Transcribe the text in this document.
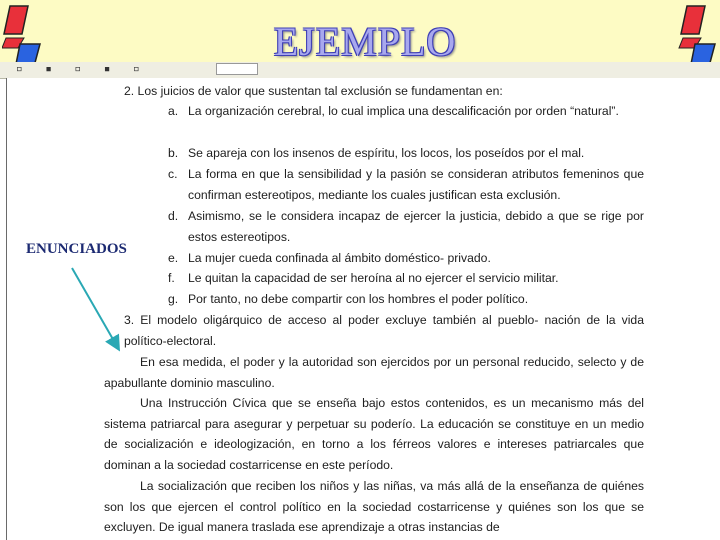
▫ ▪ ▫ ▪ ▫
EJEMPLO
2. Los juicios de valor que sustentan tal exclusión se fundamentan en:
a. La organización cerebral, lo cual implica una descalificación por orden “natural”.
b. Se apareja con los insenos de espíritu, los locos, los poseídos por el mal.
c. La forma en que la sensibilidad y la pasión se consideran atributos femeninos que confirman estereotipos, mediante los cuales justifican esta exclusión.
d. Asimismo, se le considera incapaz de ejercer la justicia, debido a que se rige por estos estereotipos.
e. La mujer cueda confinada al ámbito doméstico- privado.
f.	Le quitan la capacidad de ser heroína al no ejercer el servicio militar.
g. Por tanto, no debe compartir con los hombres el poder político.
3. El modelo oligárquico de acceso al poder excluye también al pueblo- nación de la vida político-electoral.
En esa medida, el poder y la autoridad son ejercidos por un personal reducido, selecto y de apabullante dominio masculino.
Una Instrucción Cívica que se enseña bajo estos contenidos, es un mecanismo más del sistema patriarcal para asegurar y perpetuar su poderío. La educación se constituye en un medio de socialización e ideologización, en torno a los férreos valores e intereses patriarcales que dominan a la sociedad costarricense en este período.
La socialización que reciben los niños y las niñas, va más allá de la enseñanza de quiénes son los que ejercen el control político en la sociedad costarricense y quiénes son los que se excluyen. De igual manera traslada ese aprendizaje a otras instancias de
ENUNCIADOS
